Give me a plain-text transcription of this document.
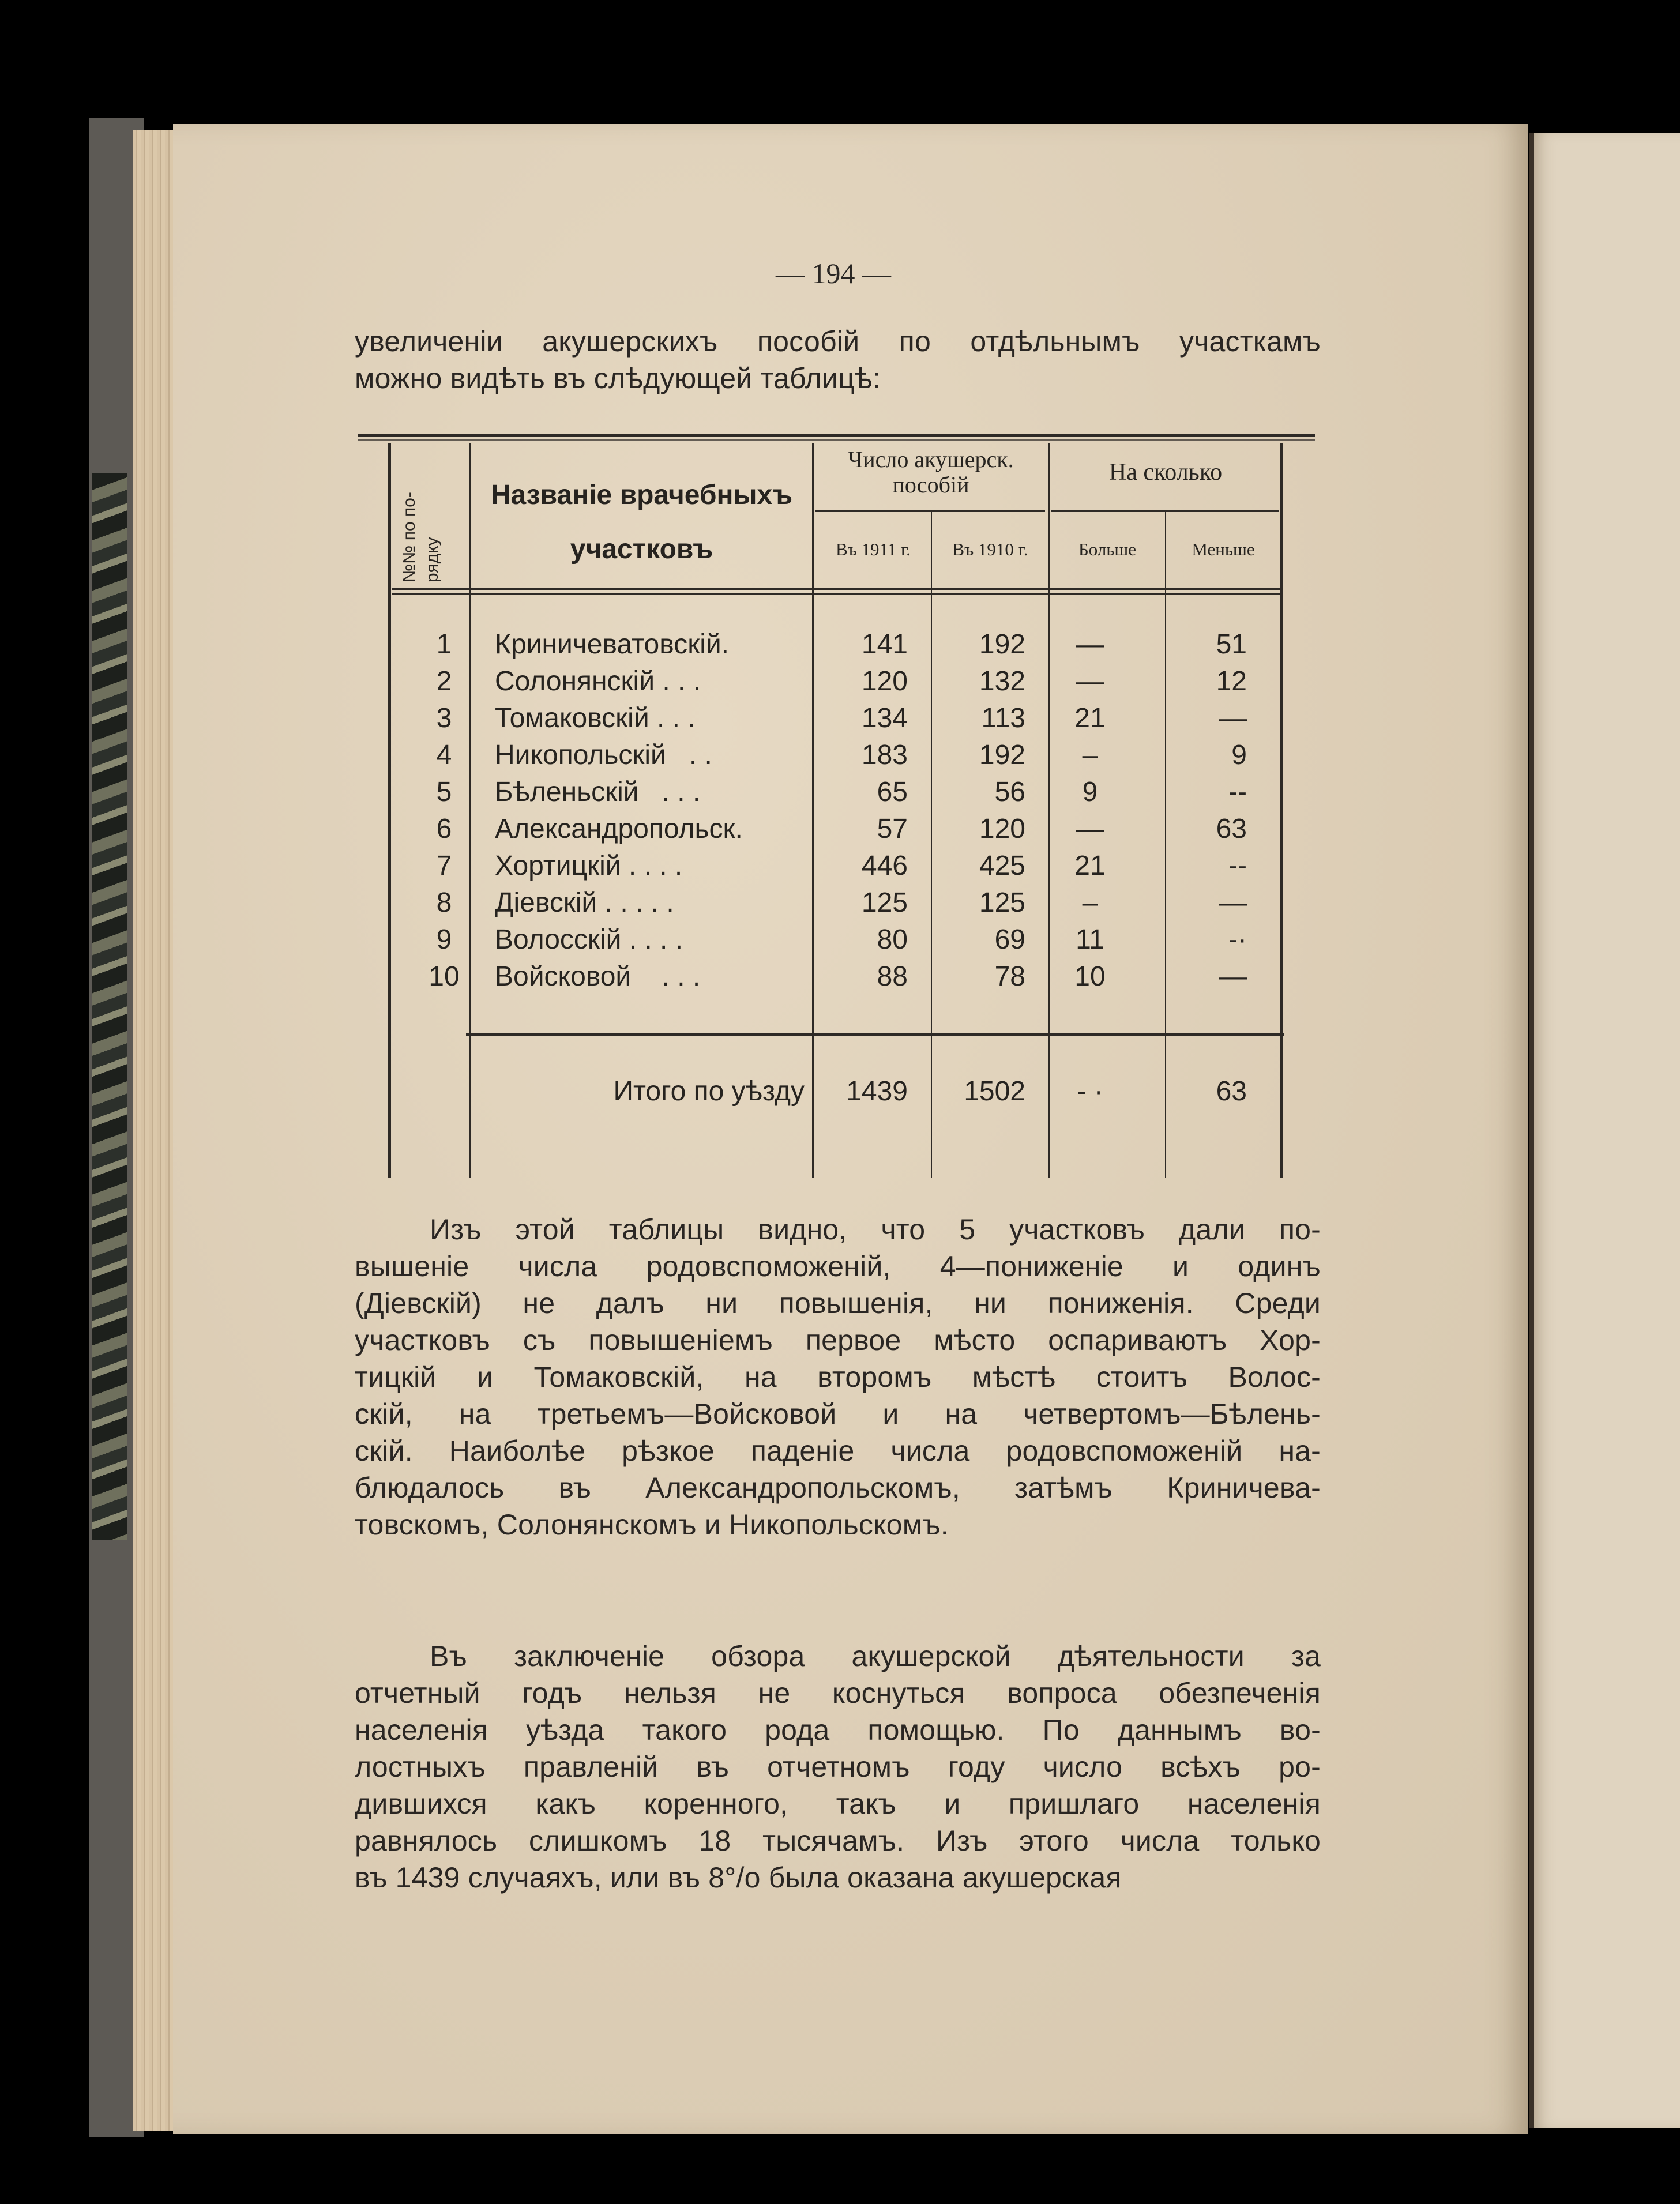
— 194 —
увеличенiи акушерскихъ пособiй по отдѣльнымъ участкамъ
можно видѣть въ слѣдующей таблицѣ:
№№ по по- рядку
Названiе врачебныхъ
участковъ
Число акушерск.
пособiй	На сколько
Въ 1911 г.	Въ 1910 г.	Больше	Меньше
1	Криничеватовскiй.	141	192	—	51
2	Солонянскiй . . .	120	132	—	12
3	Томаковскiй . . .	134	113	21	—
4	Никопольскiй   . .	183	192	–	9
5	Бѣленьскiй   . . .	65	56	9	--
6	Александропольск.	57	120	—	63
7	Хортицкiй . . . .	446	425	21	--
8	Дiевскiй . . . . .	125	125	–	—
9	Волосскiй . . . .	80	69	11	-·
10	Войсковой    . . .	88	78	10	—
Итого по уѣзду	1439	1502	- ·	63
Изъ этой таблицы видно, что 5 участковъ дали по-
вышенiе числа родовспоможенiй, 4—пониженiе и одинъ
(Дiевскiй) не далъ ни повышенiя, ни пониженiя. Среди
участковъ съ повышенiемъ первое мѣсто оспариваютъ Хор-
тицкiй и Томаковскiй, на второмъ мѣстѣ стоитъ Волос-
скiй, на третьемъ—Войсковой и на четвертомъ—Бѣлень-
скiй. Наиболѣе рѣзкое паденiе числа родовспоможенiй на-
блюдалось въ Александропольскомъ, затѣмъ Криничева-
товскомъ, Солонянскомъ и Никопольскомъ.
Въ заключенiе обзора акушерской дѣятельности за
отчетный годъ нельзя не коснуться вопроса обезпеченiя
населенiя уѣзда такого рода помощью. По даннымъ во-
лостныхъ правленiй въ отчетномъ году число всѣхъ ро-
дившихся какъ коренного, такъ и пришлаго населенiя
равнялось слишкомъ 18 тысячамъ. Изъ этого числа только
въ 1439 случаяхъ, или въ 8°/о была оказана акушерская
